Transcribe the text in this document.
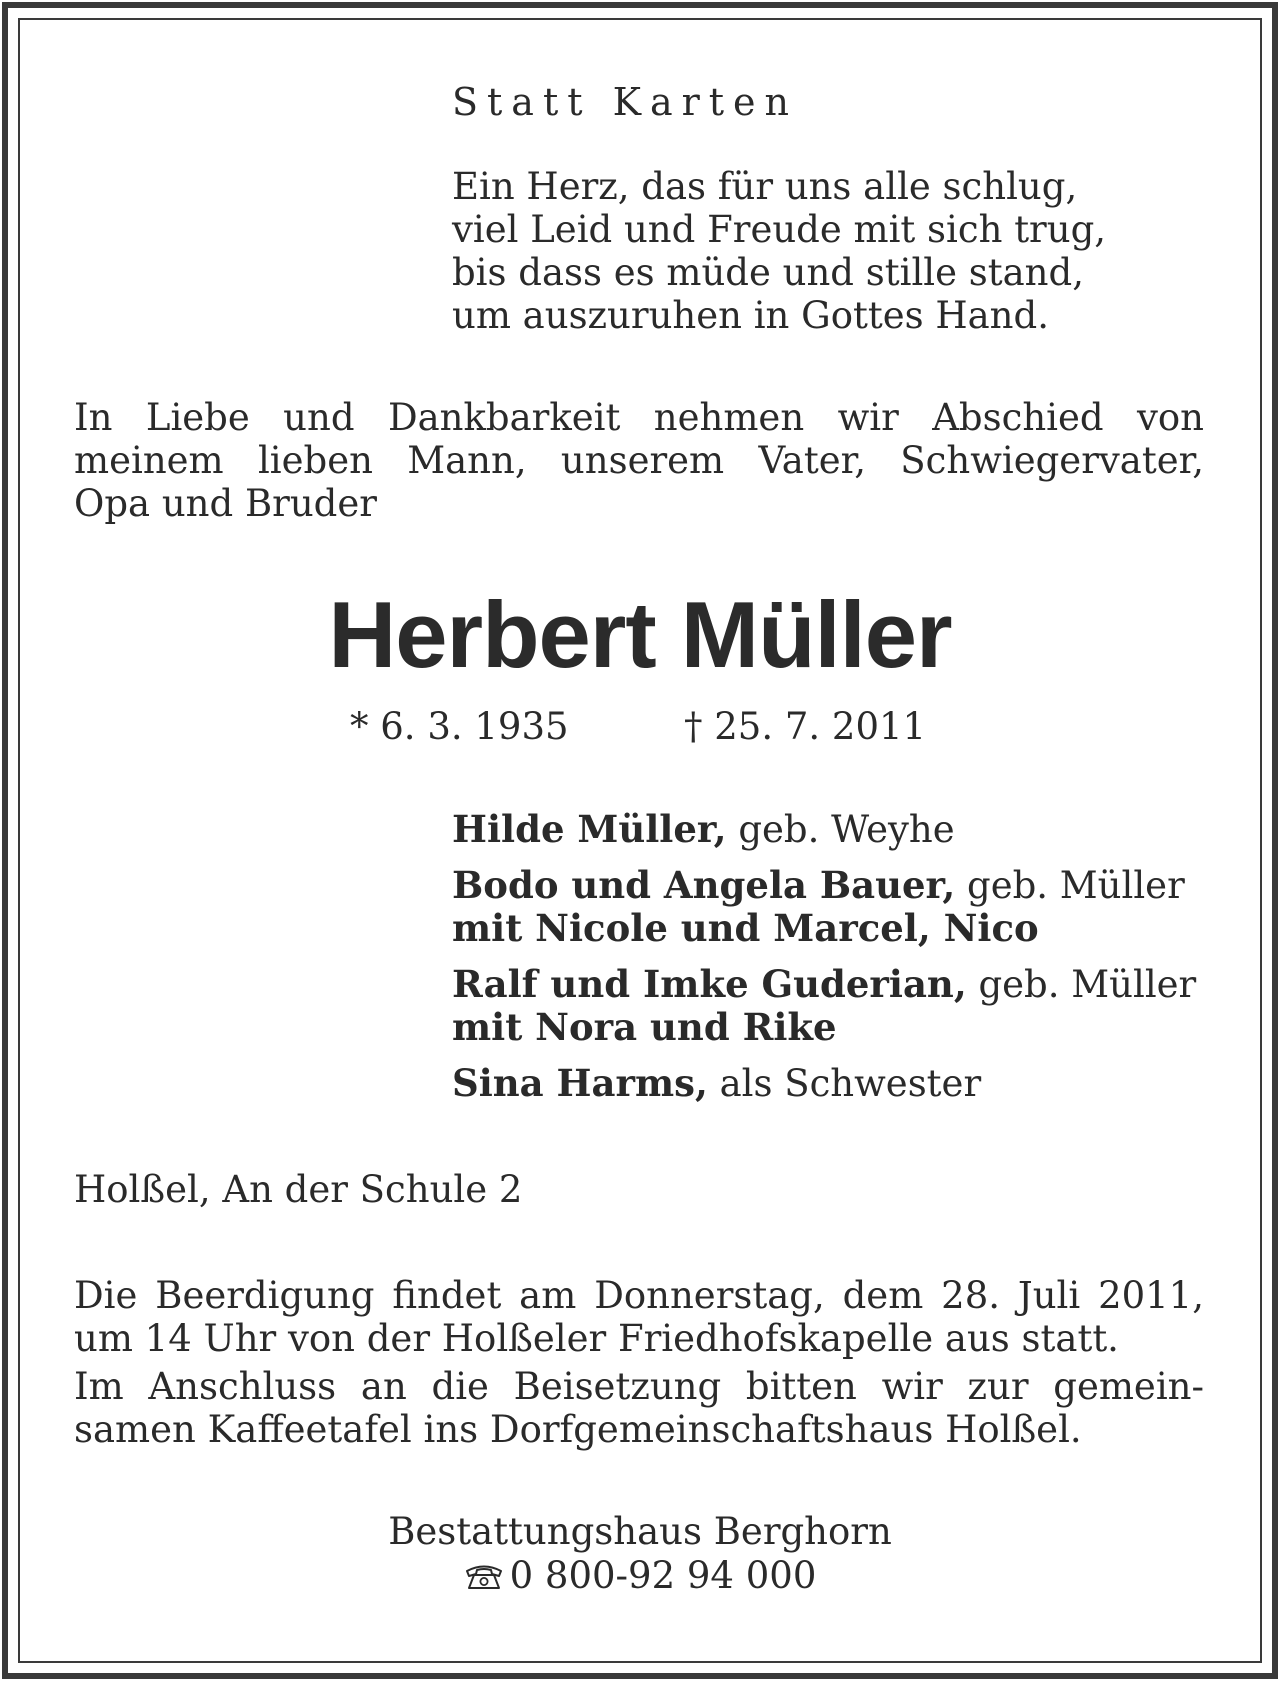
Statt Karten
Ein Herz, das für uns alle schlug,
viel Leid und Freude mit sich trug,
bis dass es müde und stille stand,
um auszuruhen in Gottes Hand.
In Liebe und Dankbarkeit nehmen wir Abschied von
meinem lieben Mann, unserem Vater, Schwiegervater,
Opa und Bruder
Herbert Müller
* 6. 3. 1935	† 25. 7. 2011
Hilde Müller, geb. Weyhe
Bodo und Angela Bauer, geb. Müller
mit Nicole und Marcel, Nico
Ralf und Imke Guderian, geb. Müller
mit Nora und Rike
Sina Harms, als Schwester
Holßel, An der Schule 2
Die Beerdigung findet am Donnerstag, dem 28. Juli 2011,
um 14 Uhr von der Holßeler Friedhofskapelle aus statt.
Im Anschluss an die Beisetzung bitten wir zur gemein-
samen Kaffeetafel ins Dorfgemeinschaftshaus Holßel.
Bestattungshaus Berghorn
0 800-92 94 000
